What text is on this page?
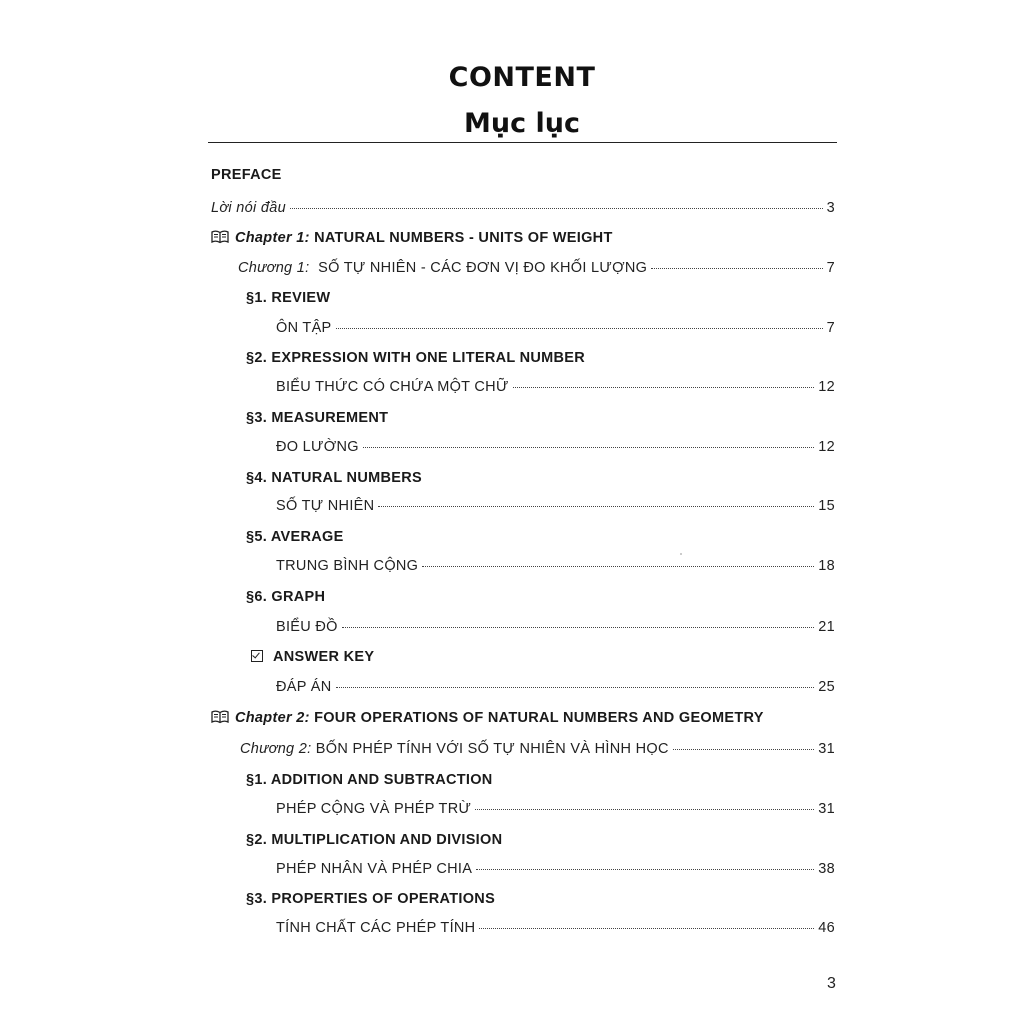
CONTENT
Mục lục
PREFACE
Lời nói đầu	3
Chapter 1: NATURAL NUMBERS - UNITS OF WEIGHT
Chương 1: SỐ TỰ NHIÊN - CÁC ĐƠN VỊ ĐO KHỐI LƯỢNG	7
§1. REVIEW
ÔN TẬP	7
§2. EXPRESSION WITH ONE LITERAL NUMBER
BIỂU THỨC CÓ CHỨA MỘT CHỮ	12
§3. MEASUREMENT
ĐO LƯỜNG	12
§4. NATURAL NUMBERS
SỐ TỰ NHIÊN	15
§5. AVERAGE
TRUNG BÌNH CỘNG	18
§6. GRAPH
BIỂU ĐỒ	21
ANSWER KEY
ĐÁP ÁN	25
Chapter 2: FOUR OPERATIONS OF NATURAL NUMBERS AND GEOMETRY
Chương 2: BỐN PHÉP TÍNH VỚI SỐ TỰ NHIÊN VÀ HÌNH HỌC	31
§1. ADDITION AND SUBTRACTION
PHÉP CỘNG VÀ PHÉP TRỪ	31
§2. MULTIPLICATION AND DIVISION
PHÉP NHÂN VÀ PHÉP CHIA	38
§3. PROPERTIES OF OPERATIONS
TÍNH CHẤT CÁC PHÉP TÍNH	46
3
